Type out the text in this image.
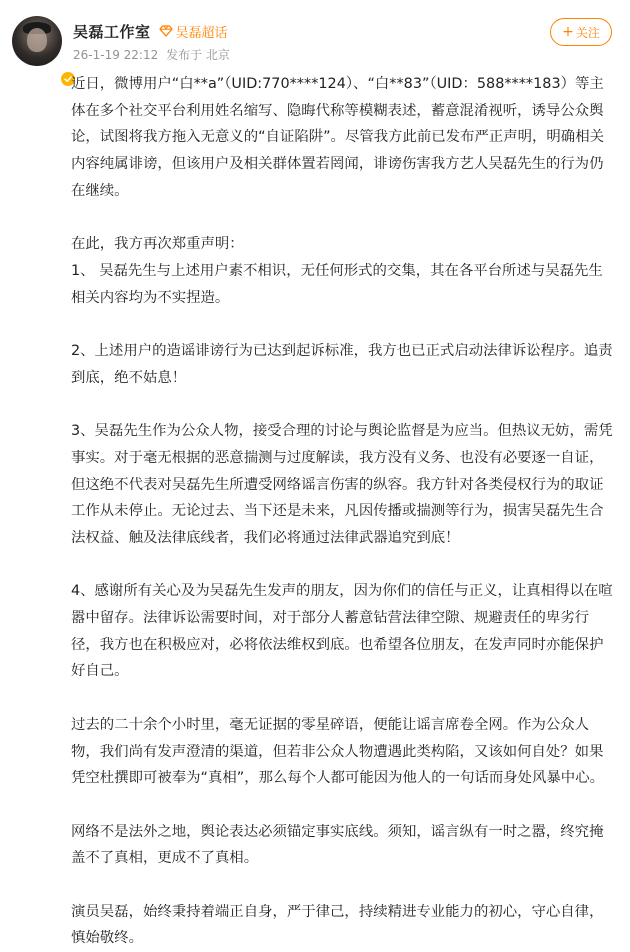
吴磊工作室 吴磊超话
26-1-19 22:12 发布于 北京
+ 关注

近日，微博用户“白**a”（UID:770****124）、“白**83”（UID：588****183）等主体在多个社交平台利用姓名缩写、隐晦代称等模糊表述，蓄意混淆视听，诱导公众舆论，试图将我方拖入无意义的“自证陷阱”。尽管我方此前已发布严正声明，明确相关内容纯属诽谤，但该用户及相关群体置若罔闻，诽谤伤害我方艺人吴磊先生的行为仍在继续。

在此，我方再次郑重声明：

1、 吴磊先生与上述用户素不相识，无任何形式的交集，其在各平台所述与吴磊先生相关内容均为不实捏造。

2、上述用户的造谣诽谤行为已达到起诉标准，我方也已正式启动法律诉讼程序。追责到底，绝不姑息！

3、吴磊先生作为公众人物，接受合理的讨论与舆论监督是为应当。但热议无妨，需凭事实。对于毫无根据的恶意揣测与过度解读，我方没有义务、也没有必要逐一自证，但这绝不代表对吴磊先生所遭受网络谣言伤害的纵容。我方针对各类侵权行为的取证工作从未停止。无论过去、当下还是未来，凡因传播或揣测等行为，损害吴磊先生合法权益、触及法律底线者，我们必将通过法律武器追究到底！

4、感谢所有关心及为吴磊先生发声的朋友，因为你们的信任与正义，让真相得以在喧嚣中留存。法律诉讼需要时间，对于部分人蓄意钻营法律空隙、规避责任的卑劣行径，我方也在积极应对，必将依法维权到底。也希望各位朋友，在发声同时亦能保护好自己。

过去的二十余个小时里，毫无证据的零星碎语，便能让谣言席卷全网。作为公众人物，我们尚有发声澄清的渠道，但若非公众人物遭遇此类构陷，又该如何自处？如果凭空杜撰即可被奉为“真相”，那么每个人都可能因为他人的一句话而身处风暴中心。

网络不是法外之地，舆论表达必须锚定事实底线。须知，谣言纵有一时之嚣，终究掩盖不了真相，更成不了真相。

演员吴磊，始终秉持着端正自身，严于律己，持续精进专业能力的初心，守心自律，慎始敬终。
